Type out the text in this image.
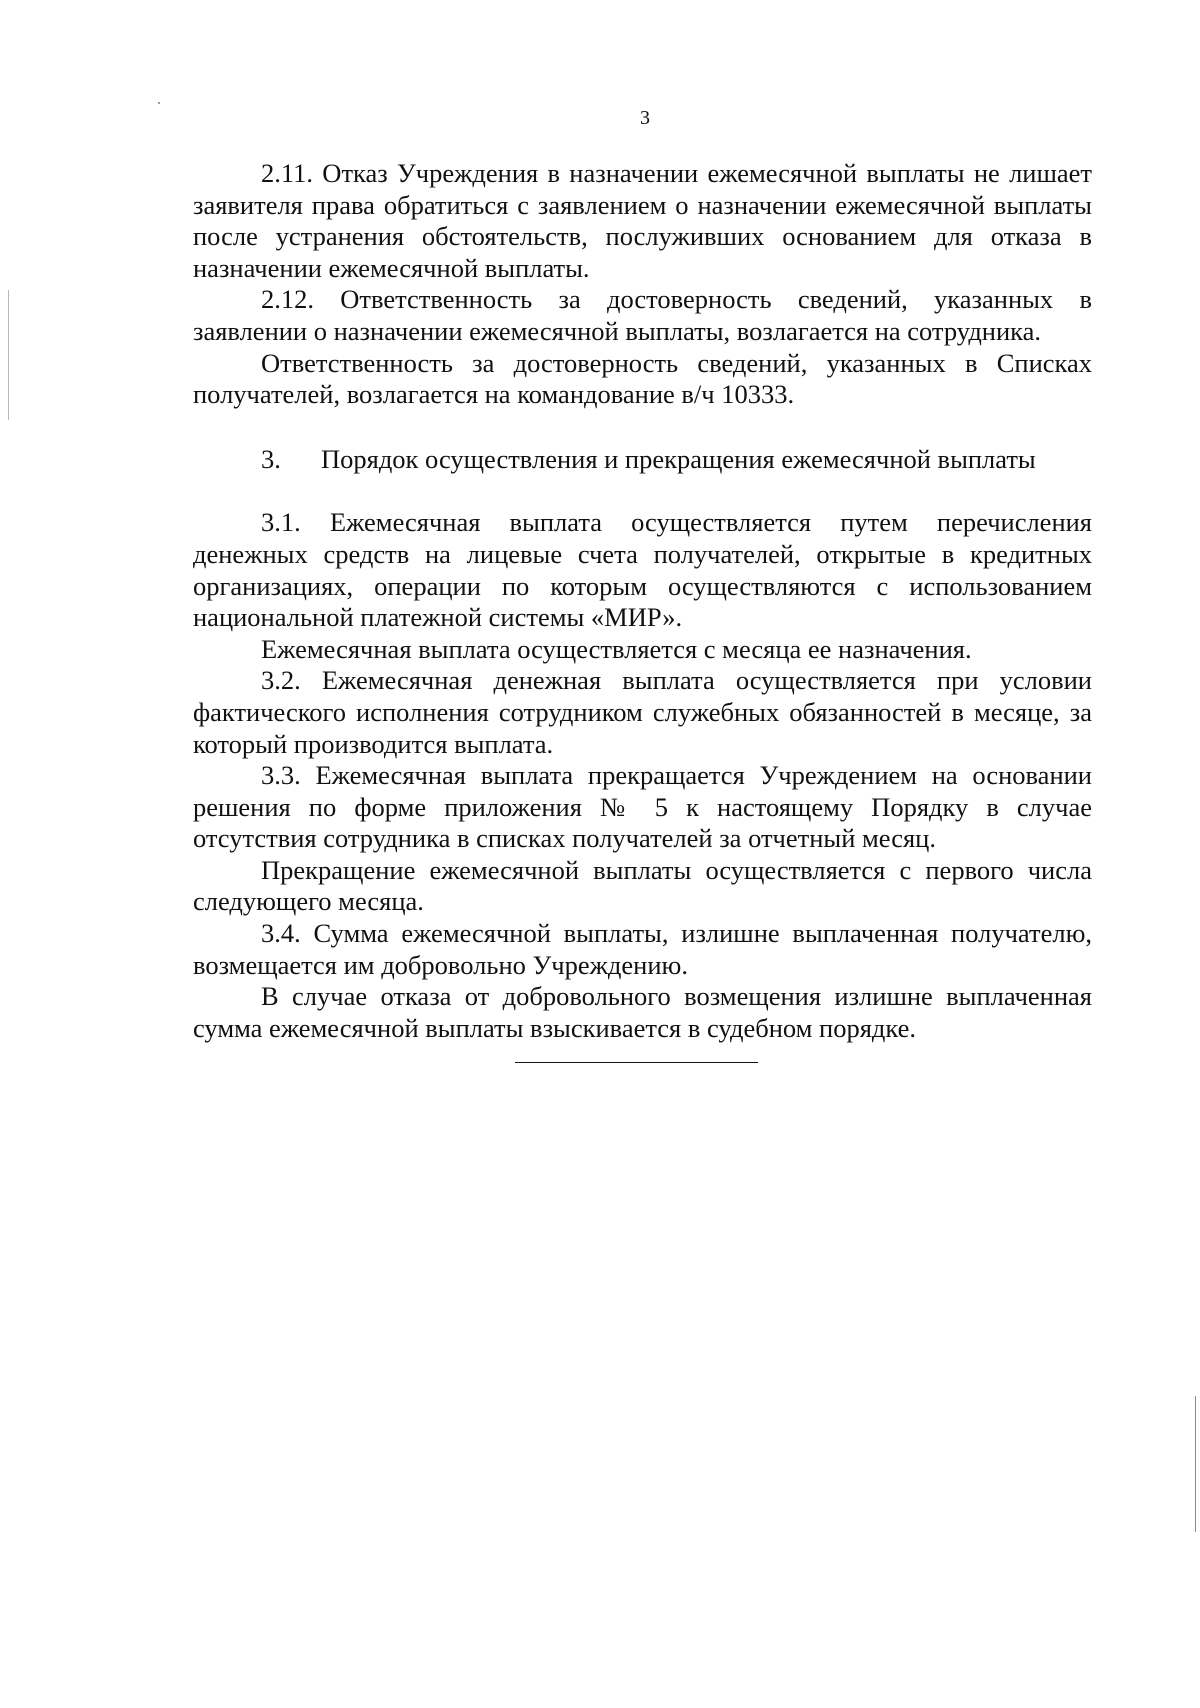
3

2.11. Отказ Учреждения в назначении ежемесячной выплаты не лишает заявителя права обратиться с заявлением о назначении ежемесячной выплаты после устранения обстоятельств, послуживших основанием для отказа в назначении ежемесячной выплаты.

2.12. Ответственность за достоверность сведений, указанных в заявлении о назначении ежемесячной выплаты, возлагается на сотрудника.

Ответственность за достоверность сведений, указанных в Списках получателей, возлагается на командование в/ч 10333.

3. Порядок осуществления и прекращения ежемесячной выплаты

3.1. Ежемесячная выплата осуществляется путем перечисления денежных средств на лицевые счета получателей, открытые в кредитных организациях, операции по которым осуществляются с использованием национальной платежной системы «МИР».

Ежемесячная выплата осуществляется с месяца ее назначения.

3.2. Ежемесячная денежная выплата осуществляется при условии фактического исполнения сотрудником служебных обязанностей в месяце, за который производится выплата.

3.3. Ежемесячная выплата прекращается Учреждением на основании решения по форме приложения № 5 к настоящему Порядку в случае отсутствия сотрудника в списках получателей за отчетный месяц.

Прекращение ежемесячной выплаты осуществляется с первого числа следующего месяца.

3.4. Сумма ежемесячной выплаты, излишне выплаченная получателю, возмещается им добровольно Учреждению.

В случае отказа от добровольного возмещения излишне выплаченная сумма ежемесячной выплаты взыскивается в судебном порядке.
